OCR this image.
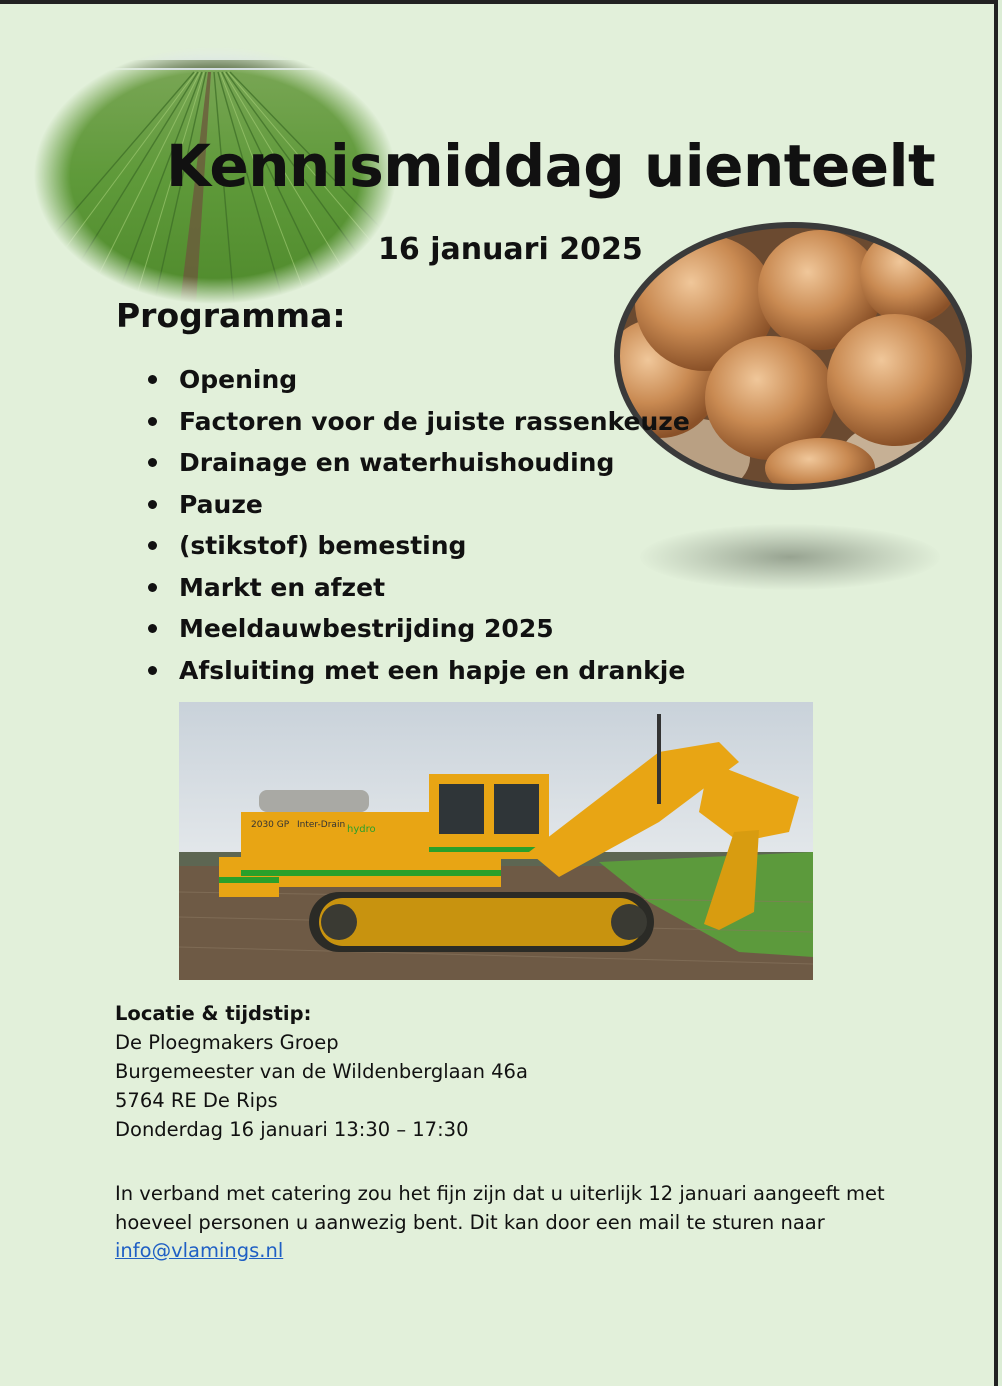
Kennismiddag uienteelt
16 januari 2025
Programma:
Opening
Factoren voor de juiste rassenkeuze
Drainage en waterhuishouding
Pauze
(stikstof) bemesting
Markt en afzet
Meeldauwbestrijding 2025
Afsluiting met een hapje en drankje
2030 GP Inter-Drain hydro
Locatie & tijdstip:
De Ploegmakers Groep
Burgemeester van de Wildenberglaan 46a
5764 RE De Rips
Donderdag 16 januari 13:30 – 17:30
In verband met catering zou het fijn zijn dat u uiterlijk 12 januari aangeeft met hoeveel personen u aanwezig bent. Dit kan door een mail te sturen naar
info@vlamings.nl
